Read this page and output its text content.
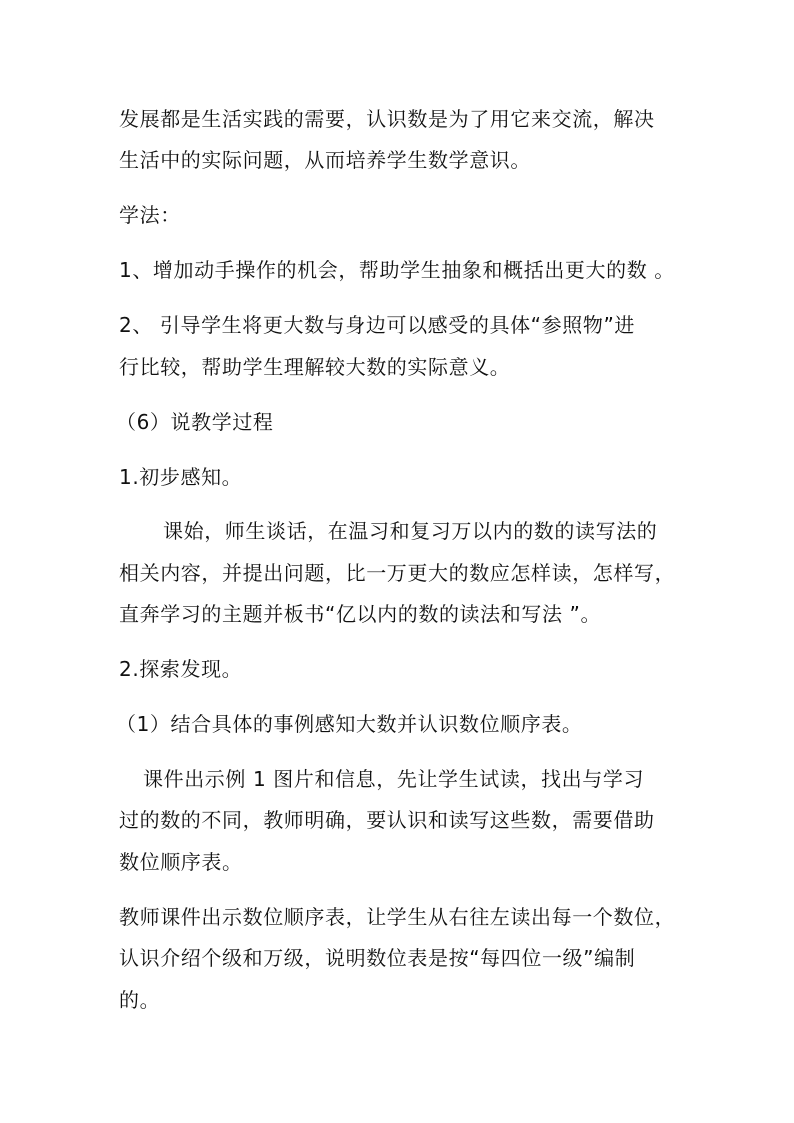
发展都是生活实践的需要，认识数是为了用它来交流，解决
生活中的实际问题，从而培养学生数学意识。
学法：
1、增加动手操作的机会，帮助学生抽象和概括出更大的数 。
2、 引导学生将更大数与身边可以感受的具体“参照物”进
行比较，帮助学生理解较大数的实际意义。
（6）说教学过程
1.初步感知。
课始，师生谈话，在温习和复习万以内的数的读写法的
相关内容，并提出问题，比一万更大的数应怎样读，怎样写，
直奔学习的主题并板书“亿以内的数的读法和写法 ”。
2.探索发现。
（1）结合具体的事例感知大数并认识数位顺序表。
课件出示例 1 图片和信息，先让学生试读，找出与学习
过的数的不同，教师明确，要认识和读写这些数，需要借助
数位顺序表。
教师课件出示数位顺序表，让学生从右往左读出每一个数位，
认识介绍个级和万级，说明数位表是按“每四位一级”编制
的。
